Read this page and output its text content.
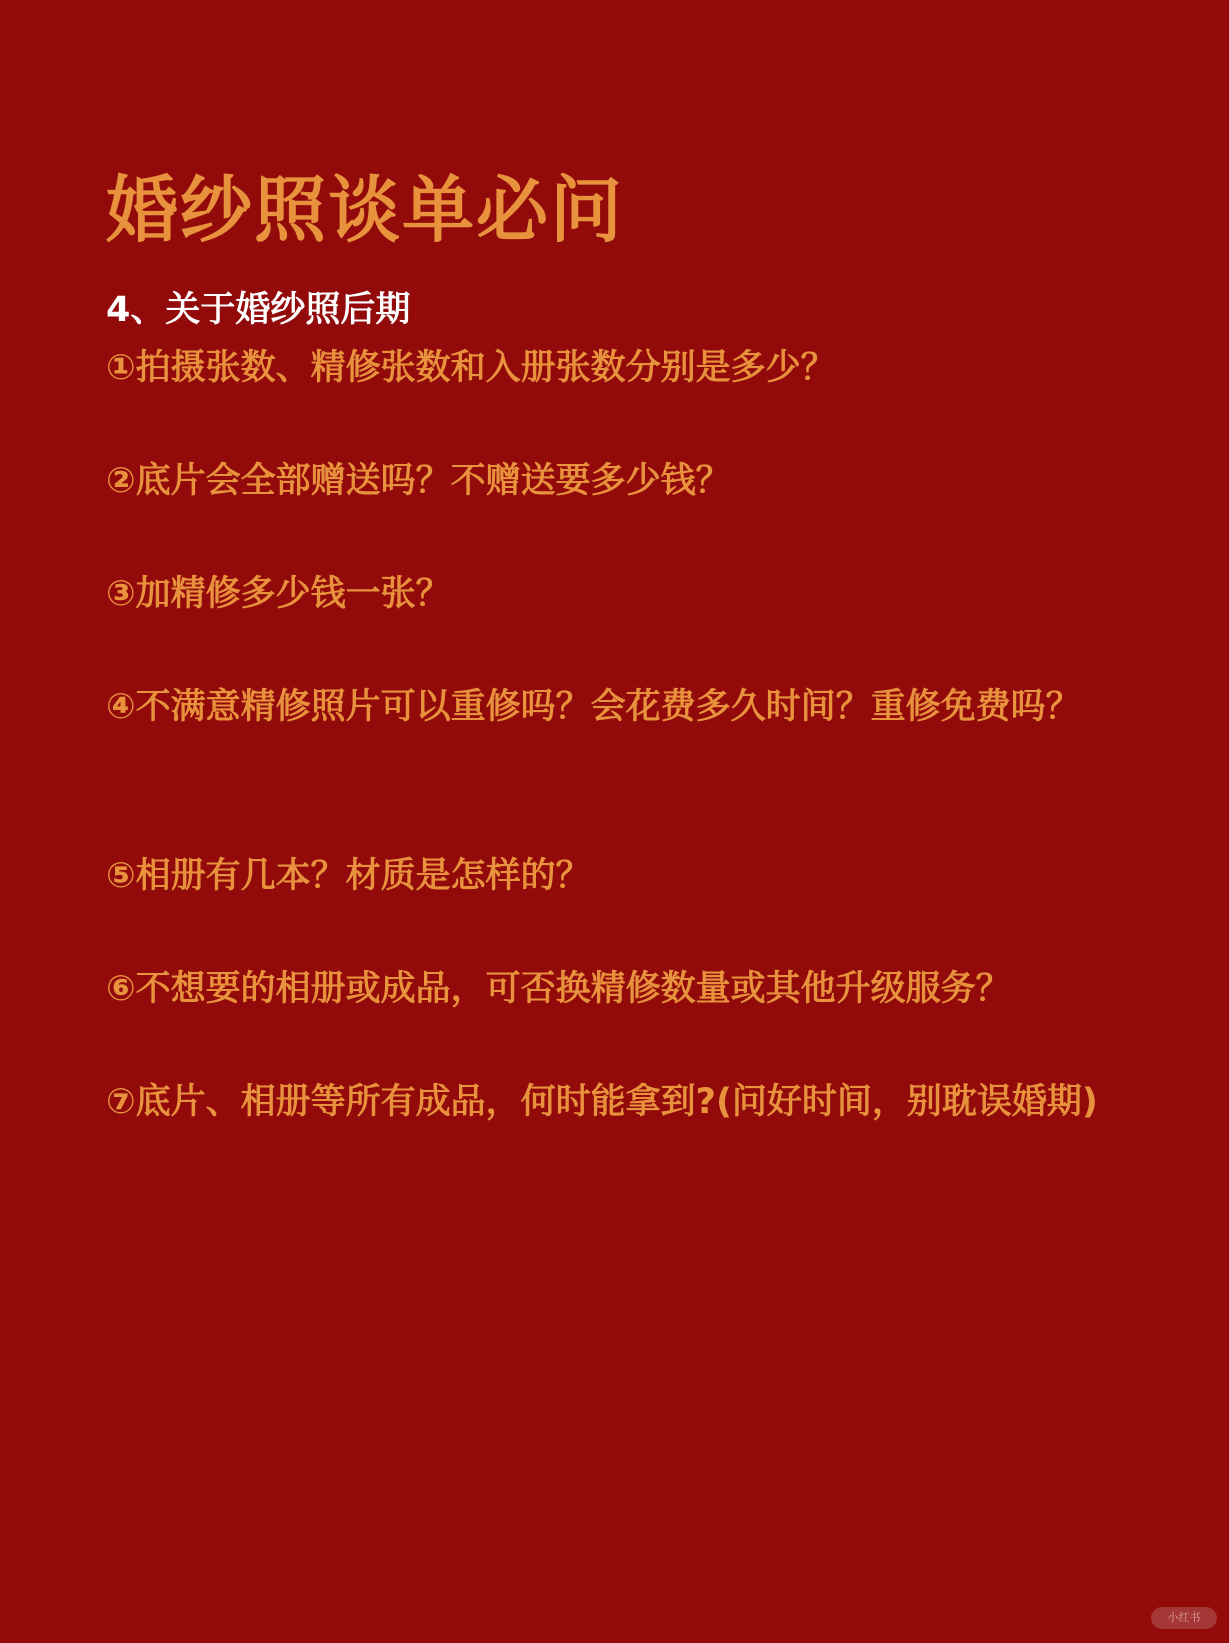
婚纱照谈单必问
4、关于婚纱照后期

①拍摄张数、精修张数和入册张数分别是多少？

②底片会全部赠送吗？不赠送要多少钱？

③加精修多少钱一张？

④不满意精修照片可以重修吗？会花费多久时间？重修免费吗？

⑤相册有几本？材质是怎样的？

⑥不想要的相册或成品，可否换精修数量或其他升级服务？

⑦底片、相册等所有成品，何时能拿到?(问好时间，别耽误婚期)

小红书
